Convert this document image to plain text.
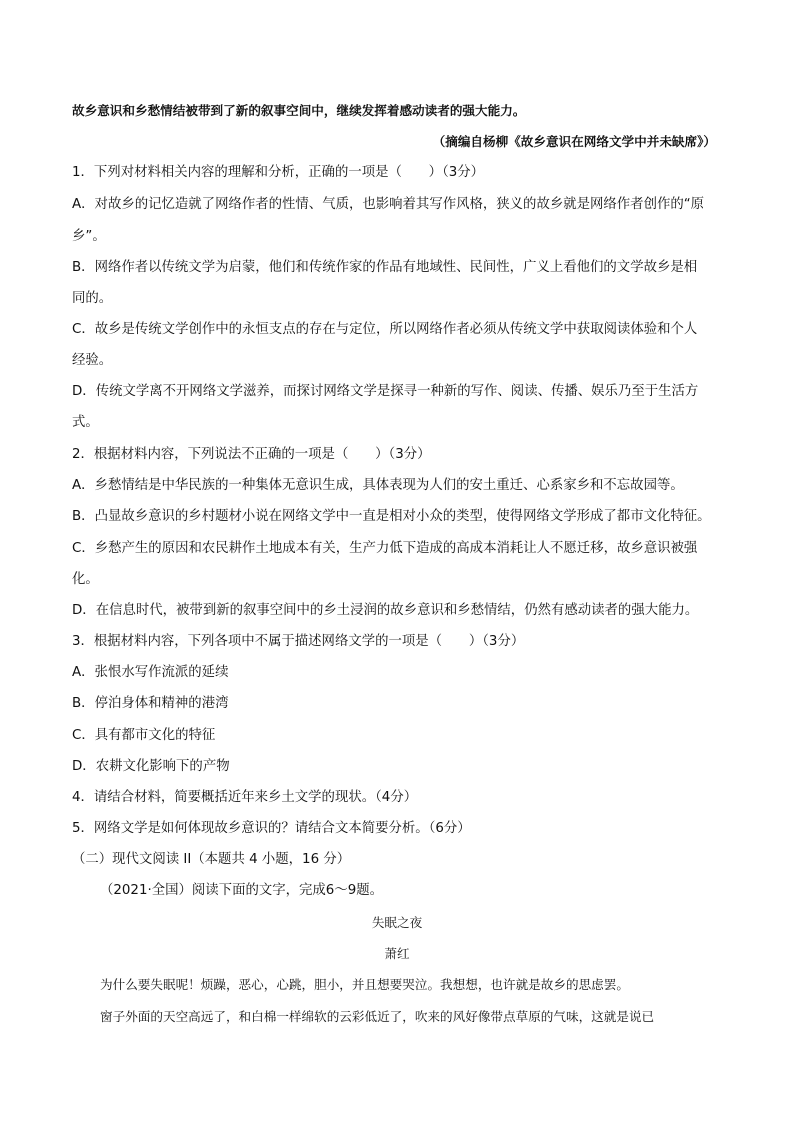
故乡意识和乡愁情结被带到了新的叙事空间中，继续发挥着感动读者的强大能力。
（摘编自杨柳《故乡意识在网络文学中并未缺席》）
1．下列对材料相关内容的理解和分析，正确的一项是（　　）（3分）
A．对故乡的记忆造就了网络作者的性情、气质，也影响着其写作风格，狭义的故乡就是网络作者创作的“原
乡”。
B．网络作者以传统文学为启蒙，他们和传统作家的作品有地域性、民间性，广义上看他们的文学故乡是相
同的。
C．故乡是传统文学创作中的永恒支点的存在与定位，所以网络作者必须从传统文学中获取阅读体验和个人
经验。
D．传统文学离不开网络文学滋养，而探讨网络文学是探寻一种新的写作、阅读、传播、娱乐乃至于生活方
式。
2．根据材料内容，下列说法不正确的一项是（　　）（3分）
A．乡愁情结是中华民族的一种集体无意识生成，具体表现为人们的安土重迁、心系家乡和不忘故园等。
B．凸显故乡意识的乡村题材小说在网络文学中一直是相对小众的类型，使得网络文学形成了都市文化特征。
C．乡愁产生的原因和农民耕作土地成本有关，生产力低下造成的高成本消耗让人不愿迁移，故乡意识被强
化。
D．在信息时代，被带到新的叙事空间中的乡土浸润的故乡意识和乡愁情结，仍然有感动读者的强大能力。
3．根据材料内容，下列各项中不属于描述网络文学的一项是（　　）（3分）
A．张恨水写作流派的延续
B．停泊身体和精神的港湾
C．具有都市文化的特征
D．农耕文化影响下的产物
4．请结合材料，简要概括近年来乡土文学的现状。（4分）
5．网络文学是如何体现故乡意识的？请结合文本简要分析。（6分）
（二）现代文阅读 II（本题共 4 小题，16 分）
（2021·全国）阅读下面的文字，完成6～9题。
失眠之夜
萧红
为什么要失眠呢！烦躁，恶心，心跳，胆小，并且想要哭泣。我想想，也许就是故乡的思虑罢。
窗子外面的天空高远了，和白棉一样绵软的云彩低近了，吹来的风好像带点草原的气味，这就是说已
